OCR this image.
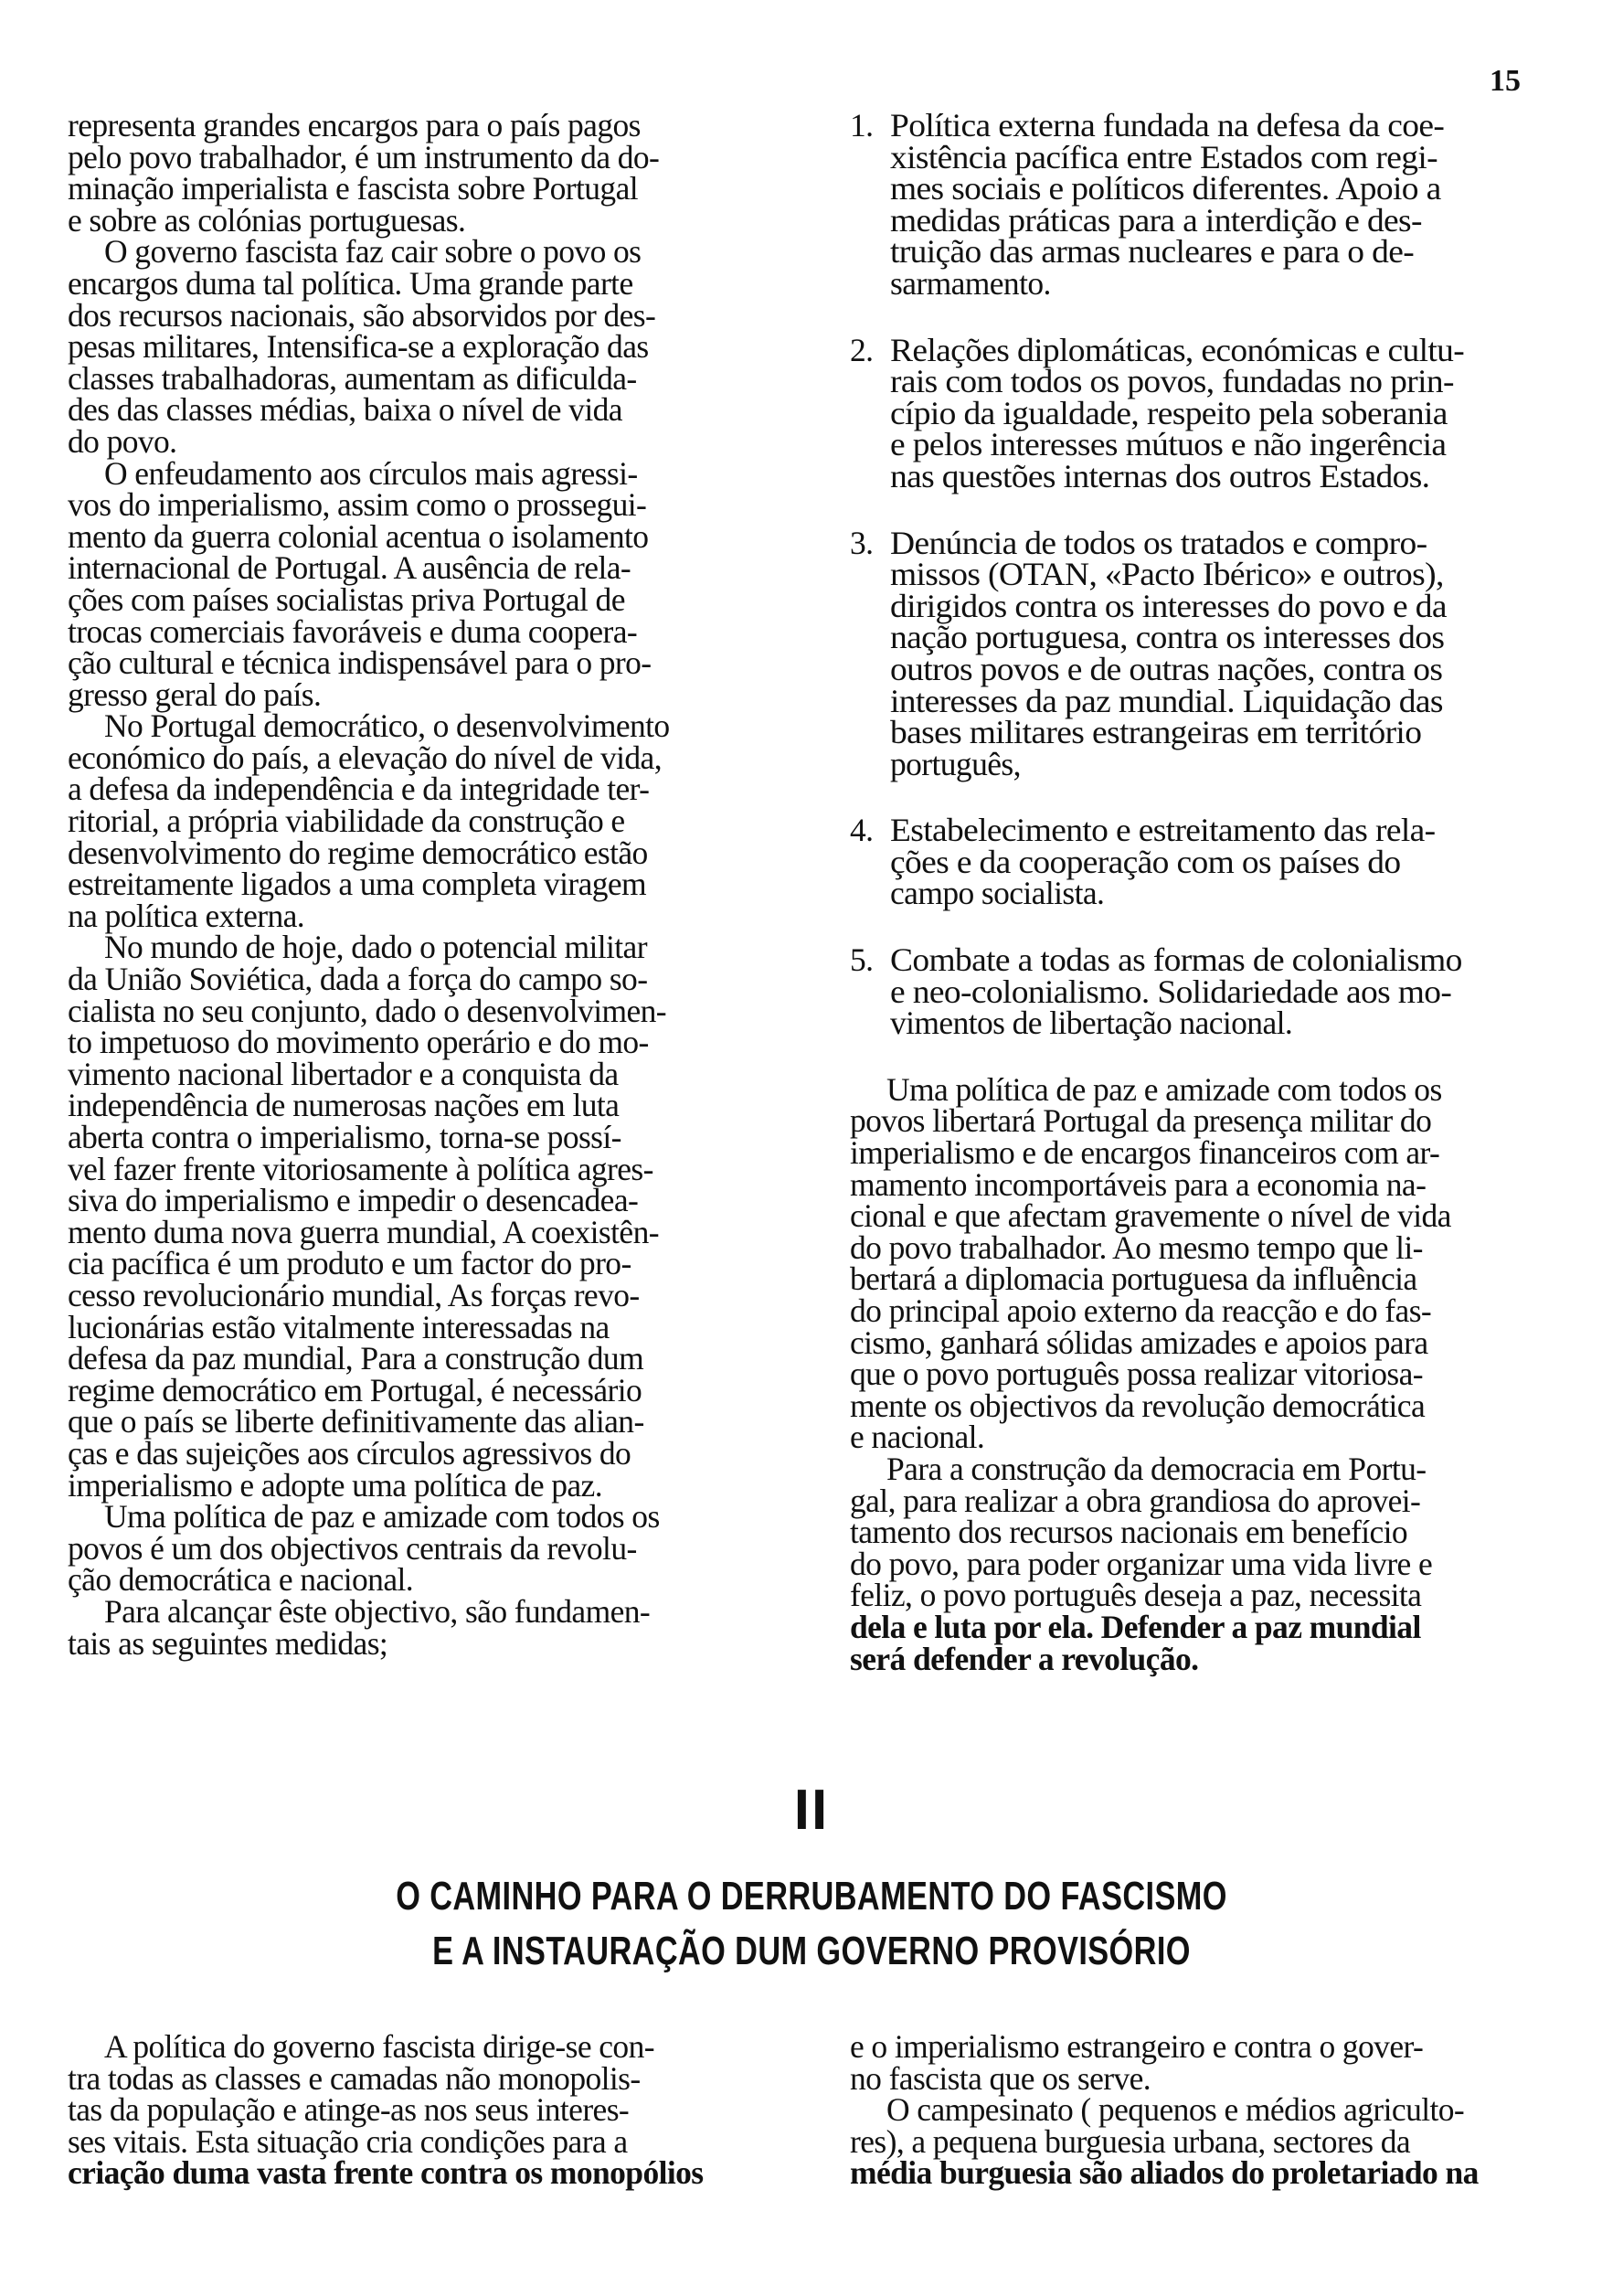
15
representa grandes encargos para o país pagos
pelo povo trabalhador, é um instrumento da do-
minação imperialista e fascista sobre Portugal
e sobre as colónias portuguesas.
O governo fascista faz cair sobre o povo os
encargos duma tal política. Uma grande parte
dos recursos nacionais, são absorvidos por des-
pesas militares, Intensifica-se a exploração das
classes trabalhadoras, aumentam as dificulda-
des das classes médias, baixa o nível de vida
do povo.
O enfeudamento aos círculos mais agressi-
vos do imperialismo, assim como o prossegui-
mento da guerra colonial acentua o isolamento
internacional de Portugal. A ausência de rela-
ções com países socialistas priva Portugal de
trocas comerciais favoráveis e duma coopera-
ção cultural e técnica indispensável para o pro-
gresso geral do país.
No Portugal democrático, o desenvolvimento
económico do país, a elevação do nível de vida,
a defesa da independência e da integridade ter-
ritorial, a própria viabilidade da construção e
desenvolvimento do regime democrático estão
estreitamente ligados a uma completa viragem
na política externa.
No mundo de hoje, dado o potencial militar
da União Soviética, dada a força do campo so-
cialista no seu conjunto, dado o desenvolvimen-
to impetuoso do movimento operário e do mo-
vimento nacional libertador e a conquista da
independência de numerosas nações em luta
aberta contra o imperialismo, torna-se possí-
vel fazer frente vitoriosamente à política agres-
siva do imperialismo e impedir o desencadea-
mento duma nova guerra mundial, A coexistên-
cia pacífica é um produto e um factor do pro-
cesso revolucionário mundial, As forças revo-
lucionárias estão vitalmente interessadas na
defesa da paz mundial, Para a construção dum
regime democrático em Portugal, é necessário
que o país se liberte definitivamente das alian-
ças e das sujeições aos círculos agressivos do
imperialismo e adopte uma política de paz.
Uma política de paz e amizade com todos os
povos é um dos objectivos centrais da revolu-
ção democrática e nacional.
Para alcançar êste objectivo, são fundamen-
tais as seguintes medidas;
1. Política externa fundada na defesa da coe-
xistência pacífica entre Estados com regi-
mes sociais e políticos diferentes. Apoio a
medidas práticas para a interdição e des-
truição das armas nucleares e para o de-
sarmamento.
2. Relações diplomáticas, económicas e cultu-
rais com todos os povos, fundadas no prin-
cípio da igualdade, respeito pela soberania
e pelos interesses mútuos e não ingerência
nas questões internas dos outros Estados.
3. Denúncia de todos os tratados e compro-
missos (OTAN, «Pacto Ibérico» e outros),
dirigidos contra os interesses do povo e da
nação portuguesa, contra os interesses dos
outros povos e de outras nações, contra os
interesses da paz mundial. Liquidação das
bases militares estrangeiras em território
português,
4. Estabelecimento e estreitamento das rela-
ções e da cooperação com os países do
campo socialista.
5. Combate a todas as formas de colonialismo
e neo-colonialismo. Solidariedade aos mo-
vimentos de libertação nacional.
Uma política de paz e amizade com todos os
povos libertará Portugal da presença militar do
imperialismo e de encargos financeiros com ar-
mamento incomportáveis para a economia na-
cional e que afectam gravemente o nível de vida
do povo trabalhador. Ao mesmo tempo que li-
bertará a diplomacia portuguesa da influência
do principal apoio externo da reacção e do fas-
cismo, ganhará sólidas amizades e apoios para
que o povo português possa realizar vitoriosa-
mente os objectivos da revolução democrática
e nacional.
Para a construção da democracia em Portu-
gal, para realizar a obra grandiosa do aprovei-
tamento dos recursos nacionais em benefício
do povo, para poder organizar uma vida livre e
feliz, o povo português deseja a paz, necessita
dela e luta por ela. Defender a paz mundial
será defender a revolução.
II
O CAMINHO PARA O DERRUBAMENTO DO FASCISMO
E A INSTAURAÇÃO DUM GOVERNO PROVISÓRIO
A política do governo fascista dirige-se con-
tra todas as classes e camadas não monopolis-
tas da população e atinge-as nos seus interes-
ses vitais. Esta situação cria condições para a
criação duma vasta frente contra os monopólios
e o imperialismo estrangeiro e contra o gover-
no fascista que os serve.
O campesinato ( pequenos e médios agriculto-
res), a pequena burguesia urbana, sectores da
média burguesia são aliados do proletariado na
